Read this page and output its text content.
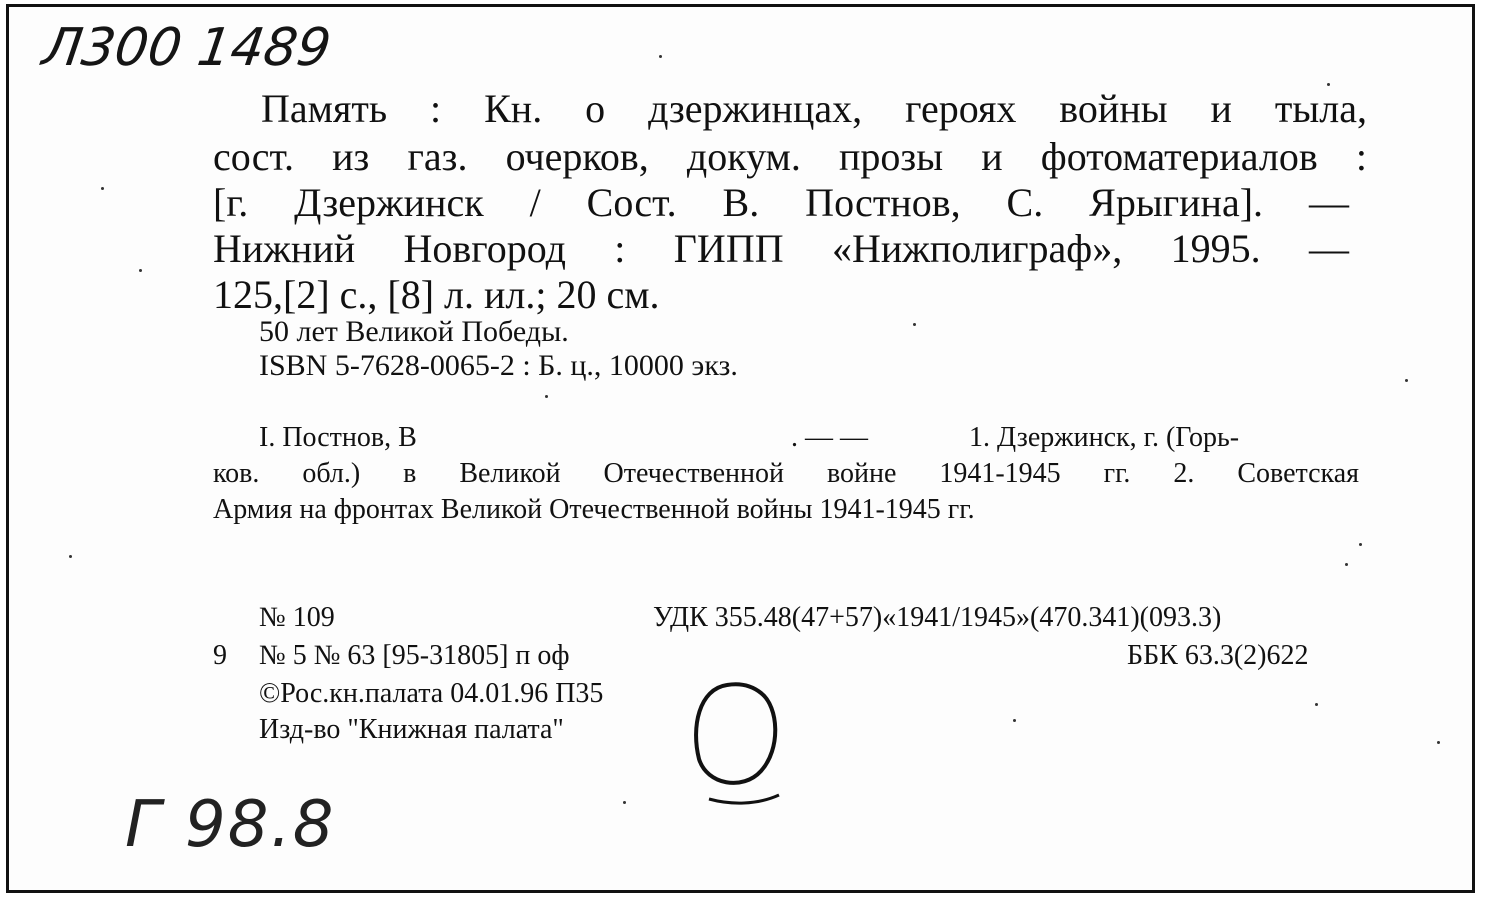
Л300 1489
Память : Кн. о дзержинцах, героях войны и тыла,
сост. из газ. очерков, докум. прозы и фотоматериалов :
[г. Дзержинск / Сост. В. Постнов, С. Ярыгина]. —
Нижний Новгород : ГИПП «Нижполиграф», 1995. —
125,[2] с., [8] л. ил.; 20 см.
50 лет Великой Победы.
ISBN 5-7628-0065-2 : Б. ц., 10000 экз.
I. Постнов, В	. — —	1. Дзержинск, г. (Горь-
ков. обл.) в Великой Отечественной войне 1941-1945 гг. 2. Советская
Армия на фронтах Великой Отечественной войны 1941-1945 гг.
№ 109	УДК 355.48(47+57)«1941/1945»(470.341)(093.3)
9 № 5 № 63 [95-31805] п оф	ББК 63.3(2)622
©Рос.кн.палата 04.01.96 П35
Изд-во "Книжная палата"
Г 98.8
